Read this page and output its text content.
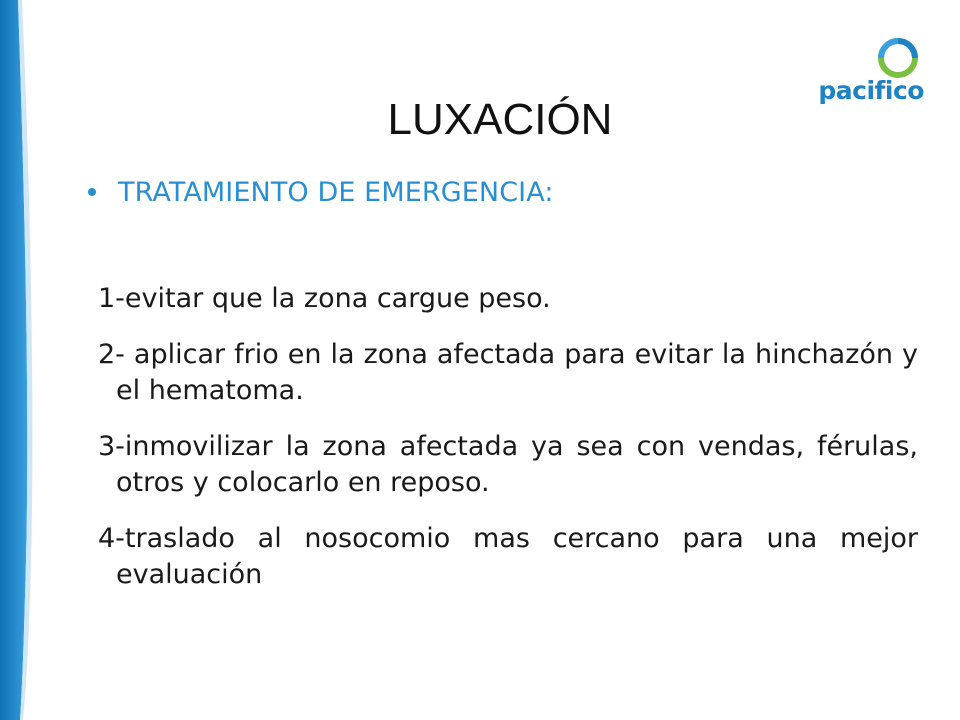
pacifico
LUXACIÓN
TRATAMIENTO DE EMERGENCIA:

1-evitar que la zona cargue peso.

2- aplicar frio en la zona afectada para evitar la hinchazón y el hematoma.

3-inmovilizar la zona afectada ya sea con vendas, férulas, otros y colocarlo en reposo.

4-traslado al nosocomio mas cercano para una mejor evaluación
